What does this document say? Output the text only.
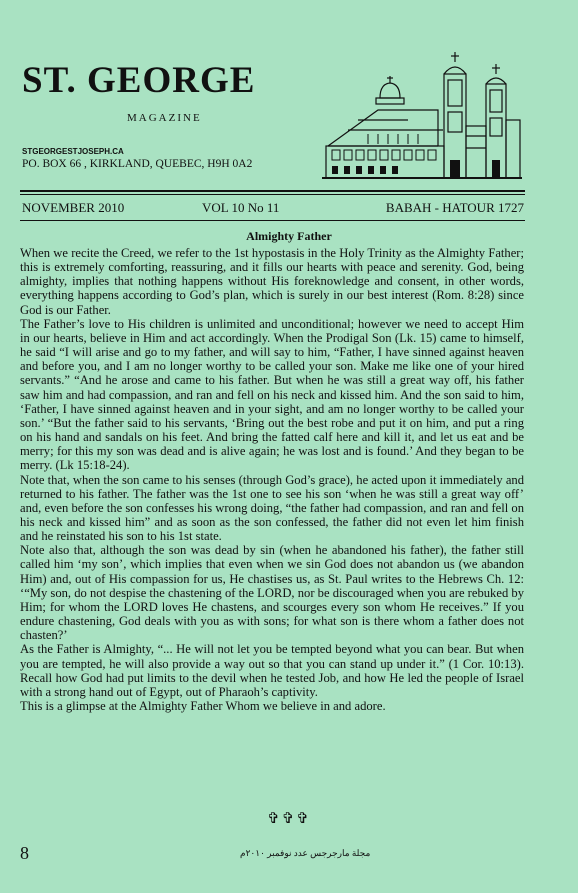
ST. GEORGE
MAGAZINE
STGEORGESTJOSEPH.CA
PO. BOX 66 , KIRKLAND, QUEBEC, H9H 0A2
NOVEMBER 2010	VOL 10 No 11	BABAH - HATOUR 1727
Almighty Father

When we recite the Creed, we refer to the 1st hypostasis in the Holy Trinity as the Almighty Father; this is extremely comforting, reassuring, and it fills our hearts with peace and serenity. God, being almighty, implies that nothing happens without His foreknowledge and consent, in other words, everything happens according to God’s plan, which is surely in our best interest (Rom. 8:28) since God is our Father.

The Father’s love to His children is unlimited and unconditional; however we need to accept Him in our hearts, believe in Him and act accordingly. When the Prodigal Son (Lk. 15) came to himself, he said “I will arise and go to my father, and will say to him, “Father, I have sinned against heaven and before you, and I am no longer worthy to be called your son. Make me like one of your hired servants.” “And he arose and came to his father. But when he was still a great way off, his father saw him and had compassion, and ran and fell on his neck and kissed him. And the son said to him, ‘Father, I have sinned against heaven and in your sight, and am no longer worthy to be called your son.’ “But the father said to his servants, ‘Bring out the best robe and put it on him, and put a ring on his hand and sandals on his feet. And bring the fatted calf here and kill it, and let us eat and be merry; for this my son was dead and is alive again; he was lost and is found.’ And they began to be merry. (Lk 15:18-24).

Note that, when the son came to his senses (through God’s grace), he acted upon it immediately and returned to his father. The father was the 1st one to see his son ‘when he was still a great way off’ and, even before the son confesses his wrong doing, “the father had compassion, and ran and fell on his neck and kissed him” and as soon as the son confessed, the father did not even let him finish and he reinstated his son to his 1st state.

Note also that, although the son was dead by sin (when he abandoned his father), the father still called him ‘my son’, which implies that even when we sin God does not abandon us (we abandon Him) and, out of His compassion for us, He chastises us, as St. Paul writes to the Hebrews Ch. 12: ‘“My son, do not despise the chastening of the LORD, nor be discouraged when you are rebuked by Him; for whom the LORD loves He chastens, and scourges every son whom He receives.” If you endure chastening, God deals with you as with sons; for what son is there whom a father does not chasten?’

As the Father is Almighty, “... He will not let you be tempted beyond what you can bear. But when you are tempted, he will also provide a way out so that you can stand up under it.” (1 Cor. 10:13). Recall how God had put limits to the devil when he tested Job, and how He led the people of Israel with a strong hand out of Egypt, out of Pharaoh’s captivity.

This is a glimpse at the Almighty Father Whom we believe in and adore.

✞✞✞
8	مجلة مارجرجس عدد نوفمبر ٢٠١٠م
